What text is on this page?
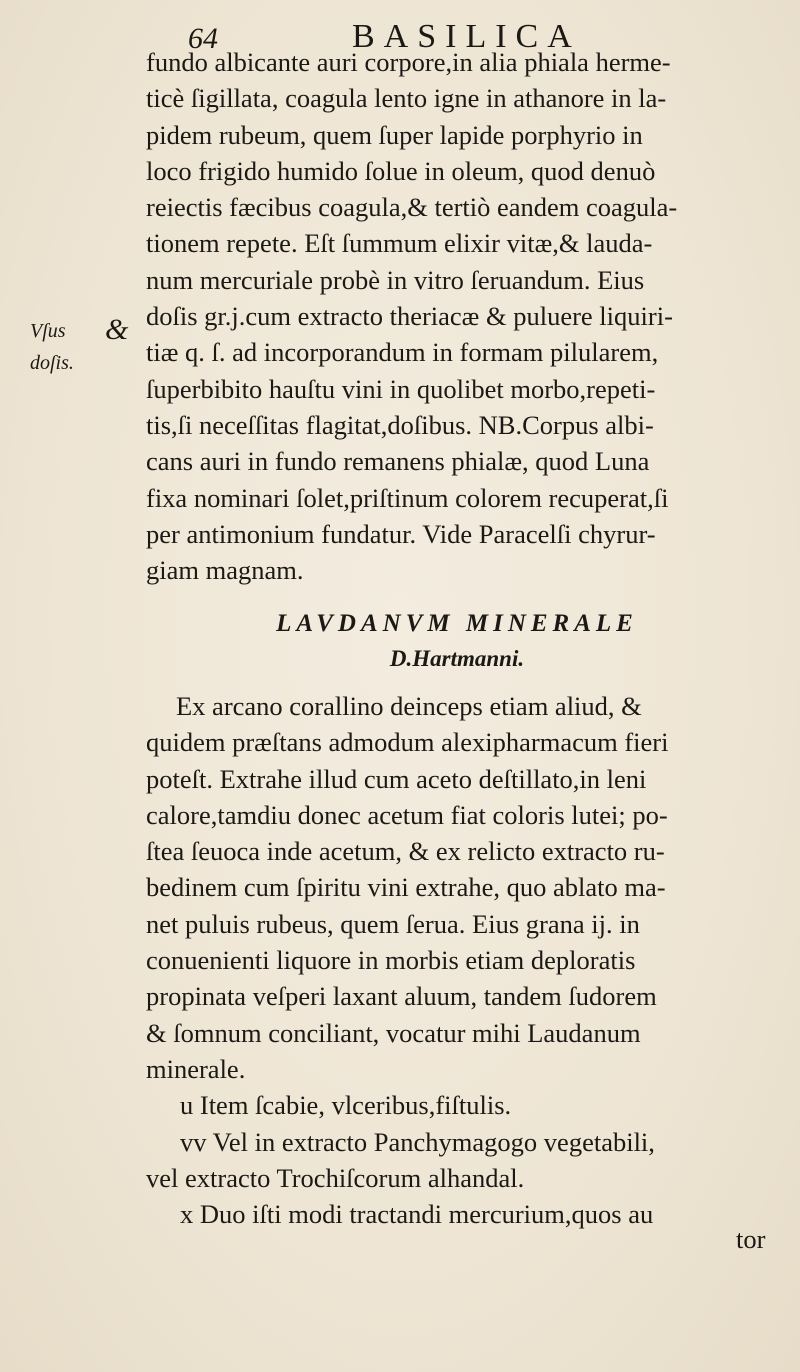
64	BASILICA
Vſus
doſis.
&
fundo albicante auri corpore,in alia phiala herme-
ticè ſigillata, coagula lento igne in athanore in la-
pidem rubeum, quem ſuper lapide porphyrio in
loco frigido humido ſolue in oleum, quod denuò
reiectis fæcibus coagula,& tertiò eandem coagula-
tionem repete. Eſt ſummum elixir vitæ,& lauda-
num mercuriale probè in vitro ſeruandum. Eius
doſis gr.j.cum extracto theriacæ & puluere liquiri-
tiæ q. ſ. ad incorporandum in formam pilularem,
ſuperbibito hauſtu vini in quolibet morbo,repeti-
tis,ſi neceſſitas flagitat,doſibus. NB.Corpus albi-
cans auri in fundo remanens phialæ, quod Luna
fixa nominari ſolet,priſtinum colorem recuperat,ſi
per antimonium fundatur. Vide Paracelſi chyrur-
giam magnam.
LAVDANVM MINERALE
D.Hartmanni.
Ex arcano corallino deinceps etiam aliud, &
quidem præſtans admodum alexipharmacum fieri
poteſt. Extrahe illud cum aceto deſtillato,in leni
calore,tamdiu donec acetum fiat coloris lutei; po-
ſtea ſeuoca inde acetum, & ex relicto extracto ru-
bedinem cum ſpiritu vini extrahe, quo ablato ma-
net puluis rubeus, quem ſerua. Eius grana ij. in
conuenienti liquore in morbis etiam deploratis
propinata veſperi laxant aluum, tandem ſudorem
& ſomnum conciliant, vocatur mihi Laudanum
minerale.
u Item ſcabie, vlceribus,fiſtulis.
vv Vel in extracto Panchymagogo vegetabili,
vel extracto Trochiſcorum alhandal.
x Duo iſti modi tractandi mercurium,quos au
tor
